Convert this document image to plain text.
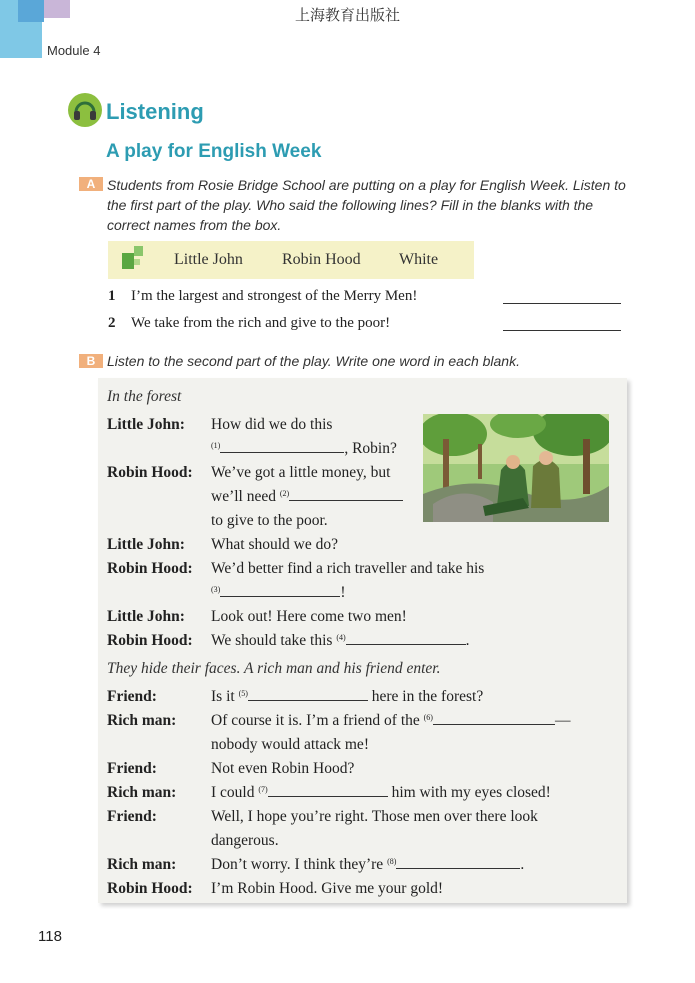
上海教育出版社
Module 4
Listening
A play for English Week
A Students from Rosie Bridge School are putting on a play for English Week. Listen to
the first part of the play. Who said the following lines? Fill in the blanks with the
correct names from the box.
Little John Robin Hood White
1 I’m the largest and strongest of the Merry Men!
2 We take from the rich and give to the poor!
B Listen to the second part of the play. Write one word in each blank.
In the forest
Little John: How did we do this
$^{(1)}$	, Robin?
Robin Hood: We’ve got a little money, but
we’ll need $^{(2)}$
to give to the poor.
Little John: What should we do?
Robin Hood: We’d better find a rich traveller and take his
$^{(3)}$	!
Little John: Look out! Here come two men!
Robin Hood: We should take this $^{(4)}$	.
They hide their faces. A rich man and his friend enter.
Friend:	Is it $^{(5)}$	here in the forest?
Rich man: Of course it is. I’m a friend of the $^{(6)}$	—
nobody would attack me!
Friend:	Not even Robin Hood?
Rich man: I could $^{(7)}$	him with my eyes closed!
Friend:	Well, I hope you’re right. Those men over there look
dangerous.
Rich man: Don’t worry. I think they’re $^{(8)}$	.
Robin Hood: I’m Robin Hood. Give me your gold!
118
